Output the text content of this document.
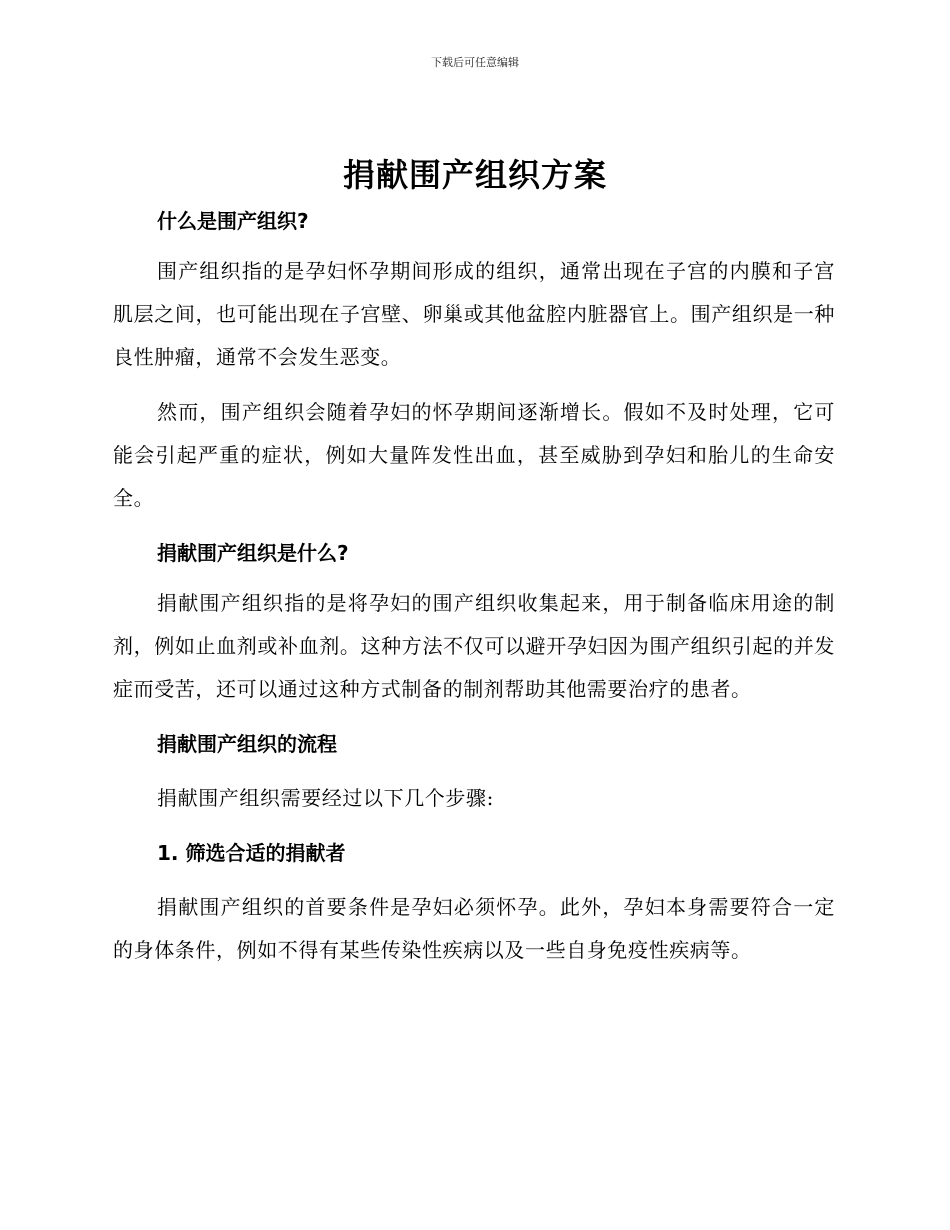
下载后可任意编辑
捐献围产组织方案

什么是围产组织?

围产组织指的是孕妇怀孕期间形成的组织，通常出现在子宫的内膜和子宫肌层之间，也可能出现在子宫壁、卵巢或其他盆腔内脏器官上。围产组织是一种良性肿瘤，通常不会发生恶变。

然而，围产组织会随着孕妇的怀孕期间逐渐增长。假如不及时处理，它可能会引起严重的症状，例如大量阵发性出血，甚至威胁到孕妇和胎儿的生命安全。

捐献围产组织是什么?

捐献围产组织指的是将孕妇的围产组织收集起来，用于制备临床用途的制剂，例如止血剂或补血剂。这种方法不仅可以避开孕妇因为围产组织引起的并发症而受苦，还可以通过这种方式制备的制剂帮助其他需要治疗的患者。

捐献围产组织的流程

捐献围产组织需要经过以下几个步骤:

1. 筛选合适的捐献者

捐献围产组织的首要条件是孕妇必须怀孕。此外，孕妇本身需要符合一定的身体条件，例如不得有某些传染性疾病以及一些自身免疫性疾病等。
